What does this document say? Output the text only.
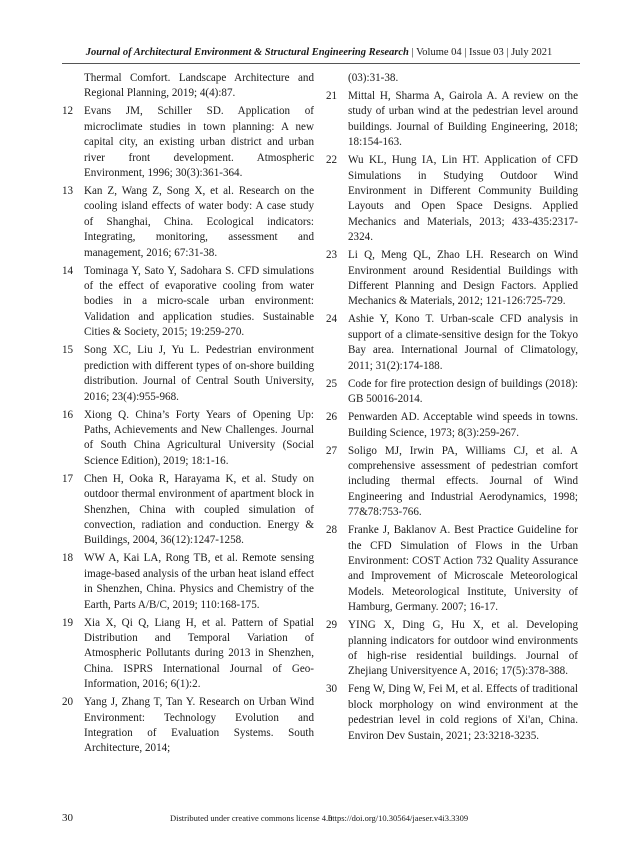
Journal of Architectural Environment & Structural Engineering Research | Volume 04 | Issue 03 | July 2021
Thermal Comfort. Landscape Architecture and Regional Planning, 2019; 4(4):87.
12 Evans JM, Schiller SD. Application of microclimate studies in town planning: A new capital city, an existing urban district and urban river front development. Atmospheric Environment, 1996; 30(3):361-364.
13 Kan Z, Wang Z, Song X, et al. Research on the cooling island effects of water body: A case study of Shanghai, China. Ecological indicators: Integrating, monitoring, assessment and management, 2016; 67:31-38.
14 Tominaga Y, Sato Y, Sadohara S. CFD simulations of the effect of evaporative cooling from water bodies in a micro-scale urban environment: Validation and application studies. Sustainable Cities & Society, 2015; 19:259-270.
15 Song XC, Liu J, Yu L. Pedestrian environment prediction with different types of on-shore building distribution. Journal of Central South University, 2016; 23(4):955-968.
16 Xiong Q. China’s Forty Years of Opening Up: Paths, Achievements and New Challenges. Journal of South China Agricultural University (Social Science Edition), 2019; 18:1-16.
17 Chen H, Ooka R, Harayama K, et al. Study on outdoor thermal environment of apartment block in Shenzhen, China with coupled simulation of convection, radiation and conduction. Energy & Buildings, 2004, 36(12):1247-1258.
18 WW A, Kai LA, Rong TB, et al. Remote sensing image-based analysis of the urban heat island effect in Shenzhen, China. Physics and Chemistry of the Earth, Parts A/B/C, 2019; 110:168-175.
19 Xia X, Qi Q, Liang H, et al. Pattern of Spatial Distribution and Temporal Variation of Atmospheric Pollutants during 2013 in Shenzhen, China. ISPRS International Journal of Geo-Information, 2016; 6(1):2.
20 Yang J, Zhang T, Tan Y. Research on Urban Wind Environment: Technology Evolution and Integration of Evaluation Systems. South Architecture, 2014;
(03):31-38.
21 Mittal H, Sharma A, Gairola A. A review on the study of urban wind at the pedestrian level around buildings. Journal of Building Engineering, 2018; 18:154-163.
22 Wu KL, Hung IA, Lin HT. Application of CFD Simulations in Studying Outdoor Wind Environment in Different Community Building Layouts and Open Space Designs. Applied Mechanics and Materials, 2013; 433-435:2317-2324.
23 Li Q, Meng QL, Zhao LH. Research on Wind Environment around Residential Buildings with Different Planning and Design Factors. Applied Mechanics & Materials, 2012; 121-126:725-729.
24 Ashie Y, Kono T. Urban-scale CFD analysis in support of a climate-sensitive design for the Tokyo Bay area. International Journal of Climatology, 2011; 31(2):174-188.
25 Code for fire protection design of buildings (2018): GB 50016-2014.
26 Penwarden AD. Acceptable wind speeds in towns. Building Science, 1973; 8(3):259-267.
27 Soligo MJ, Irwin PA, Williams CJ, et al. A comprehensive assessment of pedestrian comfort including thermal effects. Journal of Wind Engineering and Industrial Aerodynamics, 1998; 77&78:753-766.
28 Franke J, Baklanov A. Best Practice Guideline for the CFD Simulation of Flows in the Urban Environment: COST Action 732 Quality Assurance and Improvement of Microscale Meteorological Models. Meteorological Institute, University of Hamburg, Germany. 2007; 16-17.
29 YING X, Ding G, Hu X, et al. Developing planning indicators for outdoor wind environments of high-rise residential buildings. Journal of Zhejiang Universityence A, 2016; 17(5):378-388.
30 Feng W, Ding W, Fei M, et al. Effects of traditional block morphology on wind environment at the pedestrian level in cold regions of Xi'an, China. Environ Dev Sustain, 2021; 23:3218-3235.
30	Distributed under creative commons license 4.0
https://doi.org/10.30564/jaeser.v4i3.3309
